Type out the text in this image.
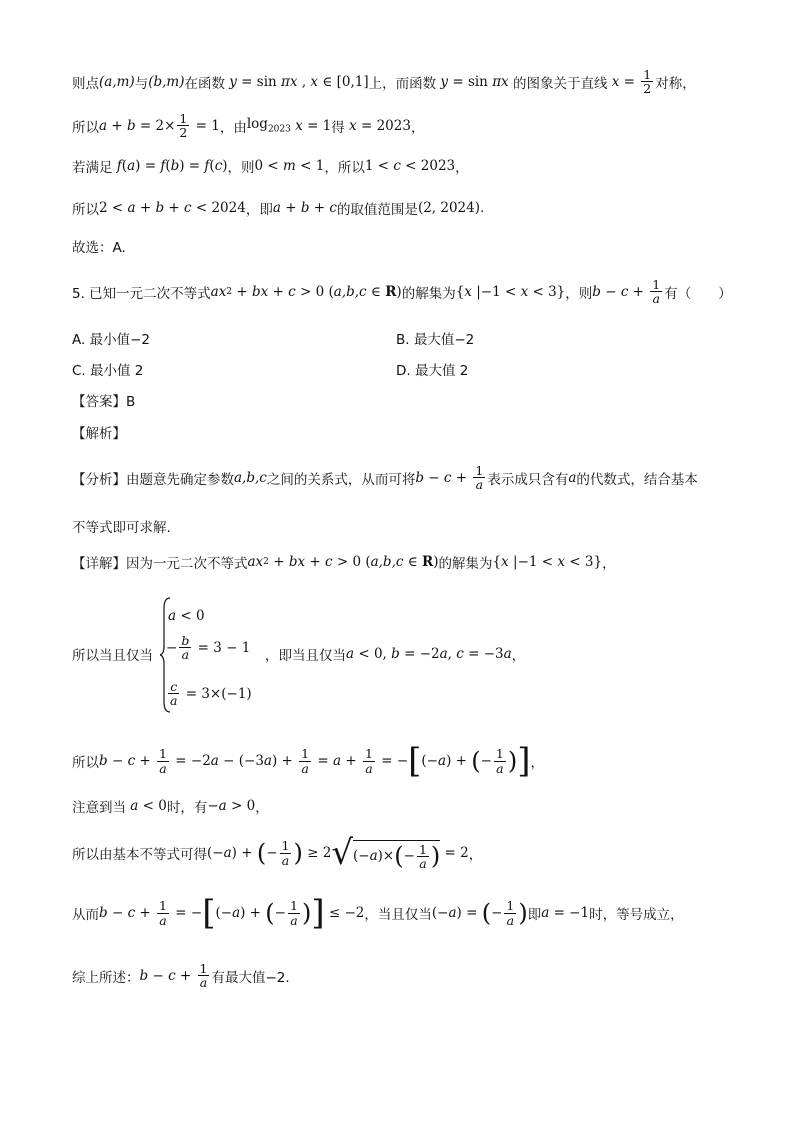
则点 (a,m) 与 (b,m) 在函数 y = sin πx , x ∈ [0,1] 上，而函数 y = sin πx 的图象关于直线 $x = \frac{1}{2}$ 对称，
所以 $a + b = 2\times \frac{1}{2} = 1$ ，由 $\log_{2023} x = 1$ 得 x = 2023 ，
若满足 f ( a ) = f ( b ) = f ( c ) ，则 0 < m < 1 ，所以 1 < c < 2023 ，
所以 2 < a + b + c < 2024 ，即 a + b + c 的取值范围是 (2, 2024) .
故选：A.
5. 已知一元二次不等式 ax 2 + bx + c > 0 ( a,b,c ∈ R) 的解集为 { x |−1 < x < 3} ，则 $b - c + \frac{1}{a}$ 有（　　）
A. 最小值−2	B. 最大值−2
C. 最小值 2	D. 最大值 2
【答案】B
【解析】
【分析】由题意先确定参数 a,b,c 之间的关系式，从而可将 $b - c + \frac{1}{a}$ 表示成只含有 a 的代数式，结合基本
不等式即可求解.
【详解】因为一元二次不等式 ax 2 + bx + c > 0 ( a,b,c ∈ R) 的解集为 { x |−1 < x < 3} ，
所以当且仅当	，即当且仅当 a < 0, b = −2 a , c = −3 a ，
a < 0
− $\frac{b}{a} = 3 - 1$
$\frac{c}{a} = 3\times(-1)$
所以 $b - c + \frac{1}{a} = -2$ a − (−3 a ) + $\frac{1}{a} = a + \frac{1}{a}$ = − [ (− a ) + ( − $\frac{1}{a}$ ) ] ，
注意到当 a < 0 时，有 − a > 0 ，
所以由基本不等式可得 (− a ) + ( − $\frac{1}{a}$ ) ≥ 2 √ (− a )× ( − $\frac{1}{a}$ ) = 2 ，
从而 $b - c + \frac{1}{a}$ = − [ (− a ) + ( − $\frac{1}{a}$ ) ] ≤ −2 ，当且仅当 (− a ) = ( − $\frac{1}{a}$ ) 即 a = −1 时，等号成立，
综上所述： $b - c + \frac{1}{a}$ 有最大值−2.
